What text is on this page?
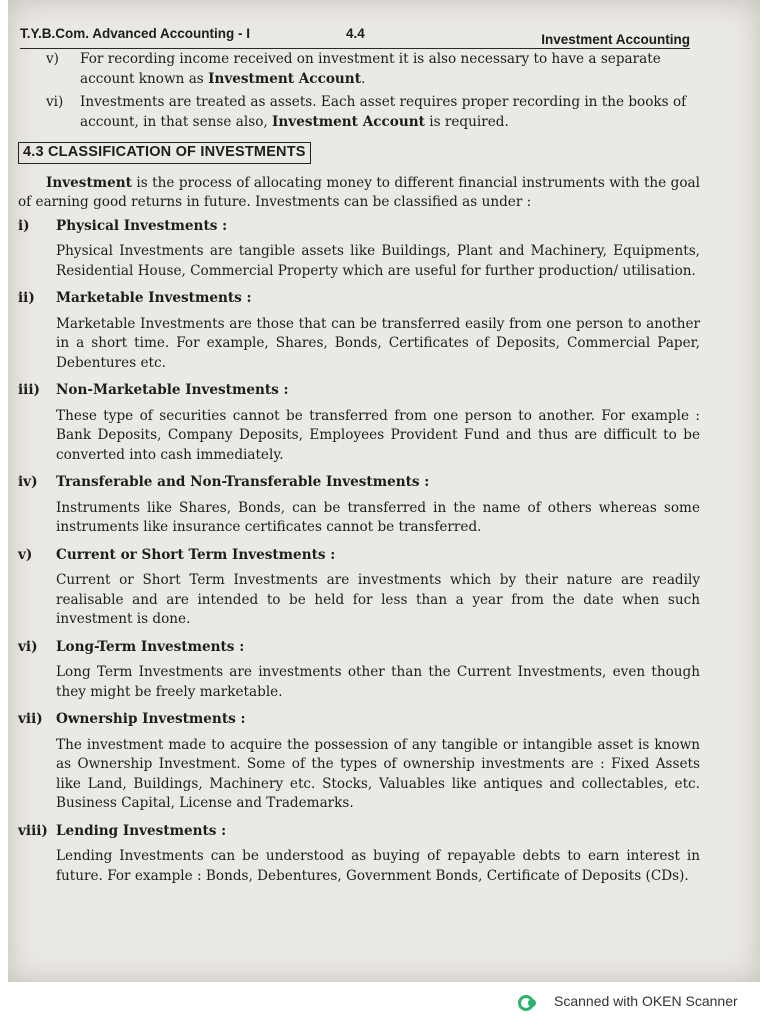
T.Y.B.Com. Advanced Accounting - I	4.4	Investment Accounting
v) For recording income received on investment it is also necessary to have a separate account known as Investment Account.
vi) Investments are treated as assets. Each asset requires proper recording in the books of account, in that sense also, Investment Account is required.
4.3 CLASSIFICATION OF INVESTMENTS

Investment is the process of allocating money to different financial instruments with the goal of earning good returns in future. Investments can be classified as under :

i) Physical Investments :
Physical Investments are tangible assets like Buildings, Plant and Machinery, Equipments, Residential House, Commercial Property which are useful for further production/ utilisation.
ii) Marketable Investments :
Marketable Investments are those that can be transferred easily from one person to another in a short time. For example, Shares, Bonds, Certificates of Deposits, Commercial Paper, Debentures etc.
iii) Non-Marketable Investments :
These type of securities cannot be transferred from one person to another. For example : Bank Deposits, Company Deposits, Employees Provident Fund and thus are difficult to be converted into cash immediately.
iv) Transferable and Non-Transferable Investments :
Instruments like Shares, Bonds, can be transferred in the name of others whereas some instruments like insurance certificates cannot be transferred.
v) Current or Short Term Investments :
Current or Short Term Investments are investments which by their nature are readily realisable and are intended to be held for less than a year from the date when such investment is done.
vi) Long-Term Investments :
Long Term Investments are investments other than the Current Investments, even though they might be freely marketable.
vii) Ownership Investments :
The investment made to acquire the possession of any tangible or intangible asset is known as Ownership Investment. Some of the types of ownership investments are : Fixed Assets like Land, Buildings, Machinery etc. Stocks, Valuables like antiques and collectables, etc. Business Capital, License and Trademarks.
viii) Lending Investments :
Lending Investments can be understood as buying of repayable debts to earn interest in future. For example : Bonds, Debentures, Government Bonds, Certificate of Deposits (CDs).
Scanned with OKEN Scanner
